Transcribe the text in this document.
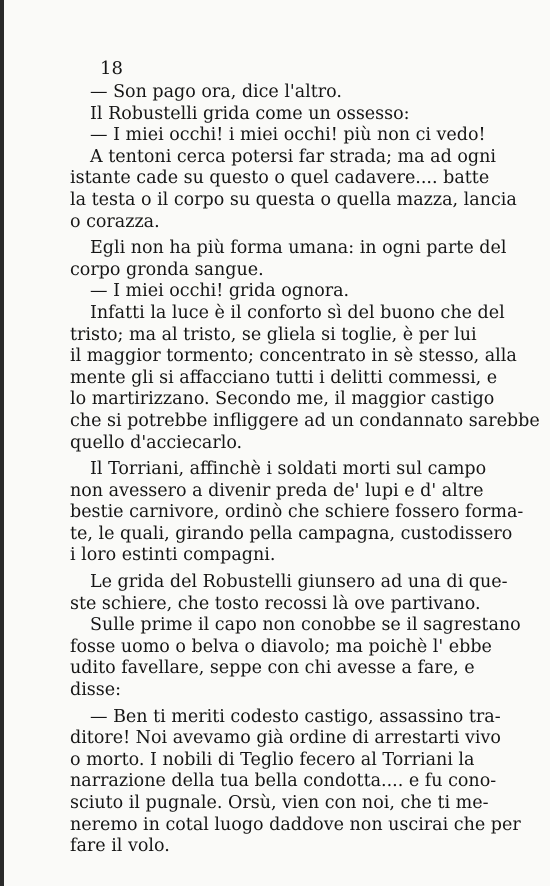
18
— Son pago ora, dice l'altro.
Il Robustelli grida come un ossesso:
— I miei occhi! i miei occhi! più non ci vedo!
A tentoni cerca potersi far strada; ma ad ogni
istante cade su questo o quel cadavere.... batte
la testa o il corpo su questa o quella mazza, lancia
o corazza.
Egli non ha più forma umana: in ogni parte del
corpo gronda sangue.
— I miei occhi! grida ognora.
Infatti la luce è il conforto sì del buono che del
tristo; ma al tristo, se gliela si toglie, è per lui
il maggior tormento; concentrato in sè stesso, alla
mente gli si affacciano tutti i delitti commessi, e
lo martirizzano. Secondo me, il maggior castigo
che si potrebbe infliggere ad un condannato sarebbe
quello d'acciecarlo.
Il Torriani, affinchè i soldati morti sul campo
non avessero a divenir preda de' lupi e d' altre
bestie carnivore, ordinò che schiere fossero forma-
te, le quali, girando pella campagna, custodissero
i loro estinti compagni.
Le grida del Robustelli giunsero ad una di que-
ste schiere, che tosto recossi là ove partivano.
Sulle prime il capo non conobbe se il sagrestano
fosse uomo o belva o diavolo; ma poichè l' ebbe
udito favellare, seppe con chi avesse a fare, e
disse:
— Ben ti meriti codesto castigo, assassino tra-
ditore! Noi avevamo già ordine di arrestarti vivo
o morto. I nobili di Teglio fecero al Torriani la
narrazione della tua bella condotta.... e fu cono-
sciuto il pugnale. Orsù, vien con noi, che ti me-
neremo in cotal luogo daddove non uscirai che per
fare il volo.
